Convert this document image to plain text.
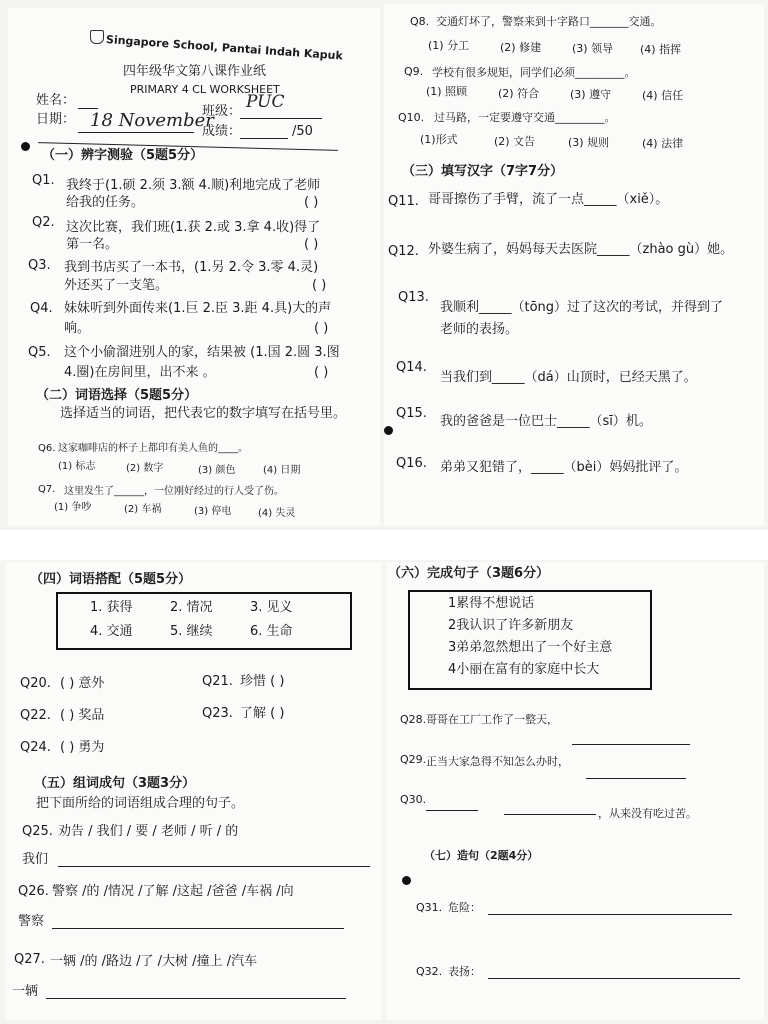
Singapore School, Pantai Indah Kapuk
四年级华文第八课作业纸
PRIMARY 4 CL WORKSHEET
姓名：
班级： PUC
日期： 18 November
成绩：	/50
（一）辨字测验（5题5分）
Q1. 我终于(1.硕 2.须 3.额 4.顺)利地完成了老师
给我的任务。	( )
Q2. 这次比赛，我们班(1.获 2.或 3.拿 4.收)得了
第一名。	( )
Q3. 我到书店买了一本书，(1.另 2.令 3.零 4.灵)
外还买了一支笔。	( )
Q4. 妹妹听到外面传来(1.巨 2.臣 3.距 4.具)大的声
响。	( )
Q5. 这个小偷溜进别人的家，结果被 (1.国 2.圆 3.图
4.圈)在房间里，出不来 。	( )
（二）词语选择（5题5分）
选择适当的词语，把代表它的数字填写在括号里。
Q6. 这家咖啡店的杯子上都印有美人鱼的____。
(1) 标志	(2) 数字	(3) 颜色	(4) 日期
Q7. 这里发生了______，一位刚好经过的行人受了伤。
(1) 争吵	(2) 车祸	(3) 停电	(4) 失灵
Q8. 交通灯坏了，警察来到十字路口_______交通。
(1) 分工	(2) 修建	(3) 领导 (4) 指挥
Q9. 学校有很多规矩，同学们必须_________。
(1) 照顾	(2) 符合	(3) 遵守	(4) 信任
Q10. 过马路，一定要遵守交通_________。
(1)形式	(2) 文告	(3) 规则	(4) 法律
（三）填写汉字（7字7分）
Q11. 哥哥擦伤了手臂，流了一点_____（xiě）。
Q12. 外婆生病了，妈妈每天去医院_____（zhào gù）她。
Q13.
我顺利_____（tōng）过了这次的考试，并得到了
老师的表扬。
Q14.
当我们到_____（dá）山顶时，已经天黑了。
Q15.
我的爸爸是一位巴士_____（sī）机。
Q16. 弟弟又犯错了，_____（bèi）妈妈批评了。
（四）词语搭配（5题5分）
1. 获得	2. 情况	3. 见义
4. 交通	5. 继续	6. 生命
Q20. ( ) 意外	Q21. 珍惜 ( )
Q22. ( ) 奖品	Q23. 了解 ( )
Q24. ( ) 勇为
（五）组词成句（3题3分）
把下面所给的词语组成合理的句子。
Q25. 劝告 / 我们 / 要 / 老师 / 听 / 的
我们
Q26. 警察 /的 /情况 /了解 /这起 /爸爸 /车祸 /向
警察
Q27. 一辆 /的 /路边 /了 /大树 /撞上 /汽车
一辆
（六）完成句子（3题6分）
1累得不想说话
2我认识了许多新朋友
3弟弟忽然想出了一个好主意
4小丽在富有的家庭中长大
Q28. 哥哥在工厂工作了一整天，
Q29. 正当大家急得不知怎么办时，
Q30.
，从来没有吃过苦。
（七）造句（2题4分）
Q31. 危险：
Q32. 表扬：
